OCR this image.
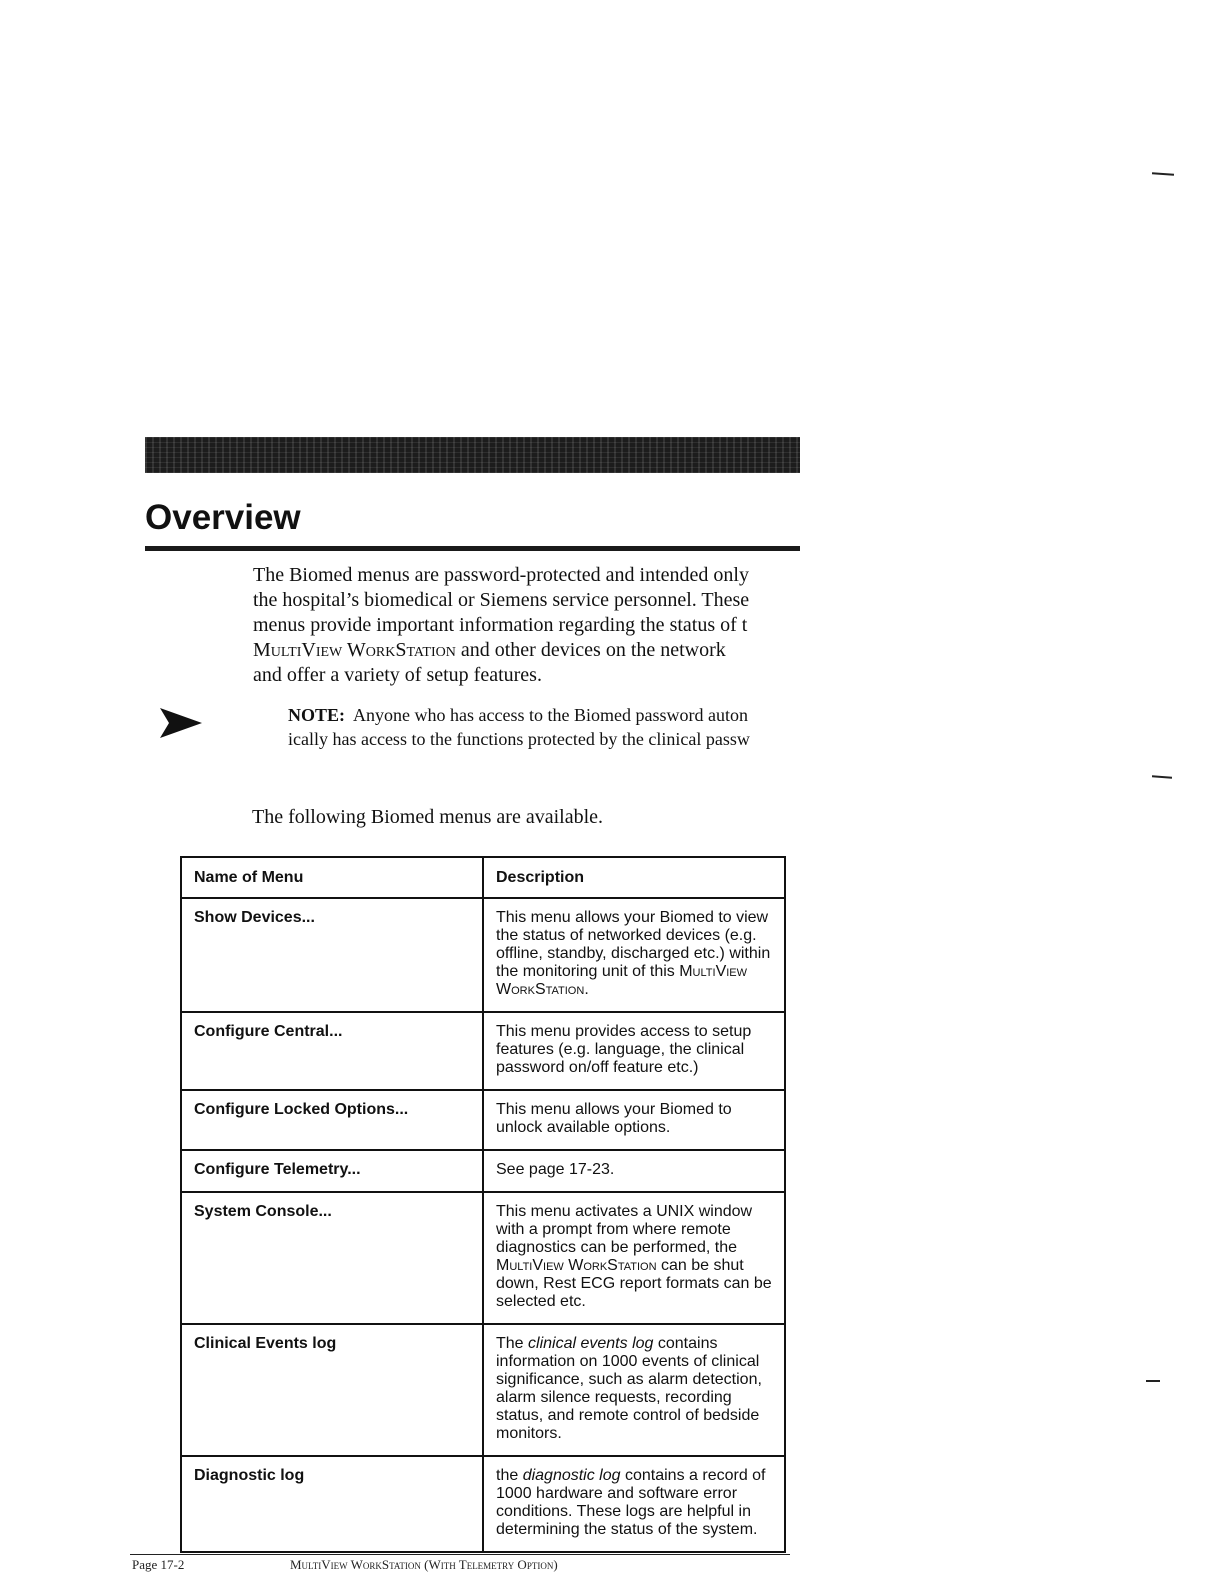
Overview

The Biomed menus are password-protected and intended only
the hospital’s biomedical or Siemens service personnel. These
menus provide important information regarding the status of t
MultiView WorkStation and other devices on the network
and offer a variety of setup features.

NOTE: Anyone who has access to the Biomed password auton
ically has access to the functions protected by the clinical passw

The following Biomed menus are available.

Name of Menu	Description
Show Devices...	This menu allows your Biomed to view the status of networked devices (e.g. offline, standby, discharged etc.) within the monitoring unit of this MultiView WorkStation.
Configure Central...	This menu provides access to setup features (e.g. language, the clinical password on/off feature etc.)
Configure Locked Options...	This menu allows your Biomed to unlock available options.
Configure Telemetry...	See page 17-23.
System Console...	This menu activates a UNIX window with a prompt from where remote diagnostics can be performed, the MultiView WorkStation can be shut down, Rest ECG report formats can be selected etc.
Clinical Events log	The clinical events log contains information on 1000 events of clinical significance, such as alarm detection, alarm silence requests, recording status, and remote control of bedside monitors.
Diagnostic log	the diagnostic log contains a record of 1000 hardware and software error conditions. These logs are helpful in determining the status of the system.
Page 17-2	MultiView WorkStation (With Telemetry Option)
